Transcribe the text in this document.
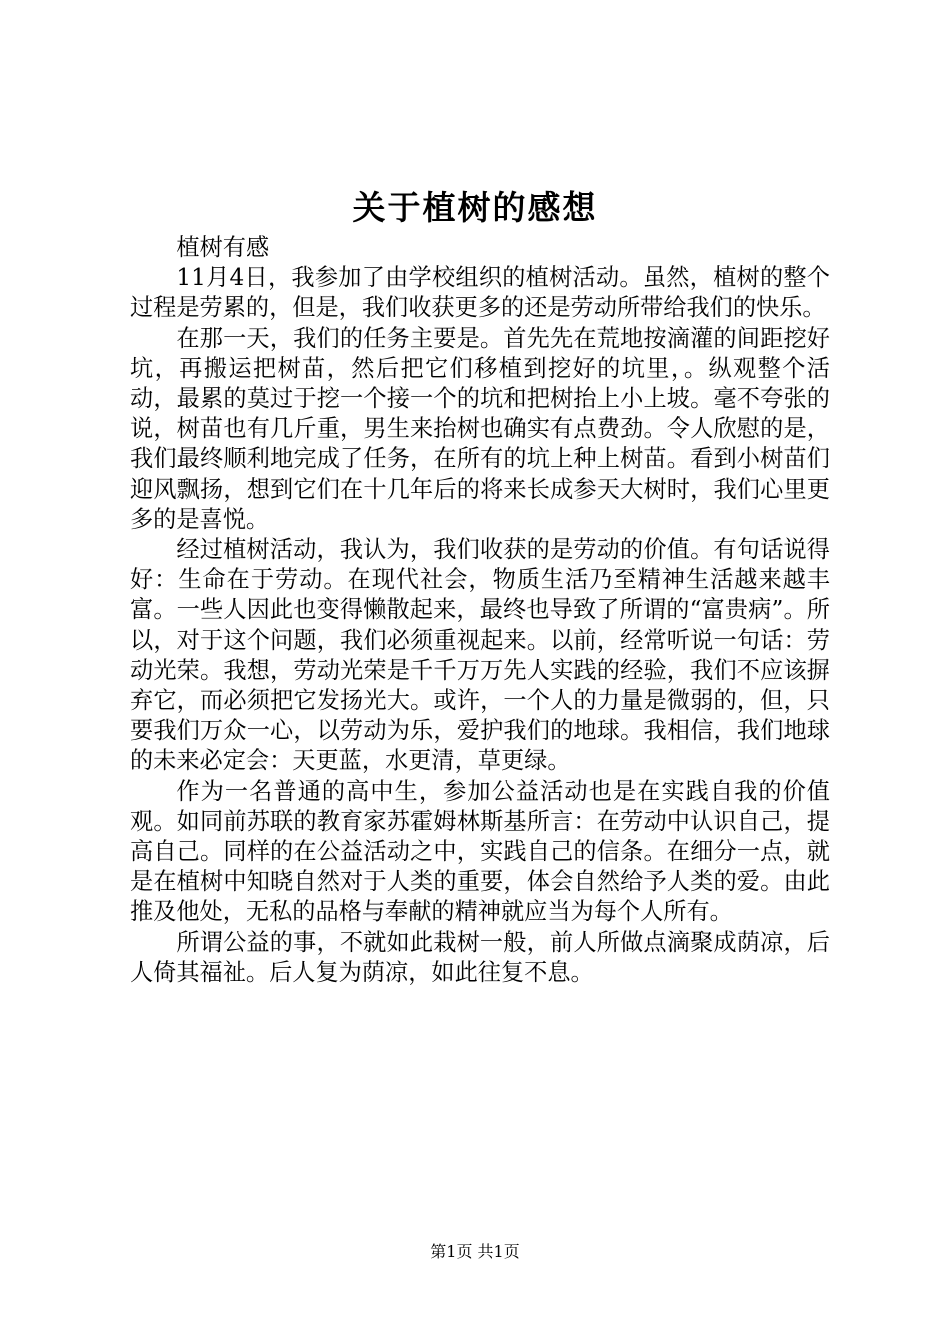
关于植树的感想

植树有感

11月4日，我参加了由学校组织的植树活动。虽然，植树的整个过程是劳累的，但是，我们收获更多的还是劳动所带给我们的快乐。

在那一天，我们的任务主要是。首先先在荒地按滴灌的间距挖好坑，再搬运把树苗，然后把它们移植到挖好的坑里，。纵观整个活动，最累的莫过于挖一个接一个的坑和把树抬上小上坡。毫不夸张的说，树苗也有几斤重，男生来抬树也确实有点费劲。令人欣慰的是，我们最终顺利地完成了任务，在所有的坑上种上树苗。看到小树苗们迎风飘扬，想到它们在十几年后的将来长成参天大树时，我们心里更多的是喜悦。

经过植树活动，我认为，我们收获的是劳动的价值。有句话说得好：生命在于劳动。在现代社会，物质生活乃至精神生活越来越丰富。一些人因此也变得懒散起来，最终也导致了所谓的“富贵病”。所以，对于这个问题，我们必须重视起来。以前，经常听说一句话：劳动光荣。我想，劳动光荣是千千万万先人实践的经验，我们不应该摒弃它，而必须把它发扬光大。或许，一个人的力量是微弱的，但，只要我们万众一心，以劳动为乐，爱护我们的地球。我相信，我们地球的未来必定会：天更蓝，水更清，草更绿。

作为一名普通的高中生，参加公益活动也是在实践自我的价值观。如同前苏联的教育家苏霍姆林斯基所言：在劳动中认识自己，提高自己。同样的在公益活动之中，实践自己的信条。在细分一点，就是在植树中知晓自然对于人类的重要，体会自然给予人类的爱。由此推及他处，无私的品格与奉献的精神就应当为每个人所有。

所谓公益的事，不就如此栽树一般，前人所做点滴聚成荫凉，后人倚其福祉。后人复为荫凉，如此往复不息。

第1页 共1页
